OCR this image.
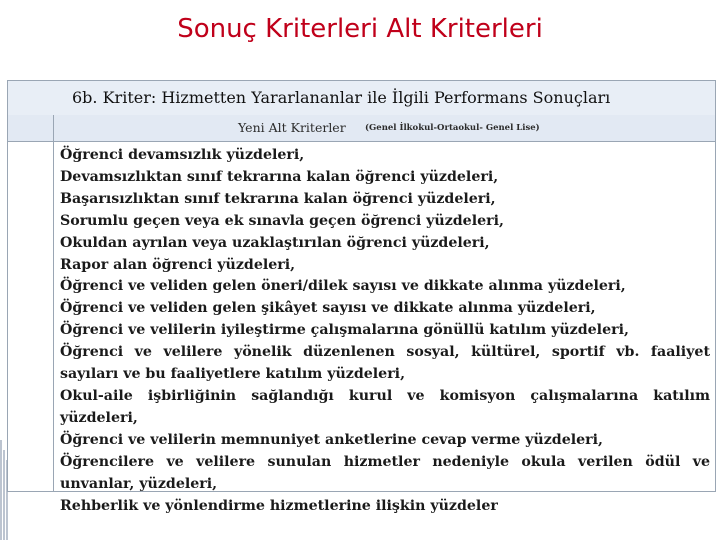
Sonuç Kriterleri Alt Kriterleri
6b. Kriter: Hizmetten Yararlananlar ile İlgili Performans Sonuçları
Yeni Alt Kriterler (Genel İlkokul-Ortaokul- Genel Lise)
Öğrenci devamsızlık yüzdeleri,
Devamsızlıktan sınıf tekrarına kalan öğrenci yüzdeleri,
Başarısızlıktan sınıf tekrarına kalan öğrenci yüzdeleri,
Sorumlu geçen veya ek sınavla geçen öğrenci yüzdeleri,
Okuldan ayrılan veya uzaklaştırılan öğrenci yüzdeleri,
Rapor alan öğrenci yüzdeleri,
Öğrenci ve veliden gelen öneri/dilek sayısı ve dikkate alınma yüzdeleri,
Öğrenci ve veliden gelen şikâyet sayısı ve dikkate alınma yüzdeleri,
Öğrenci ve velilerin iyileştirme çalışmalarına gönüllü katılım yüzdeleri,
Öğrenci ve velilere yönelik düzenlenen sosyal, kültürel, sportif vb. faaliyet sayıları ve bu faaliyetlere katılım yüzdeleri,
Okul-aile işbirliğinin sağlandığı kurul ve komisyon çalışmalarına katılım yüzdeleri,
Öğrenci ve velilerin memnuniyet anketlerine cevap verme yüzdeleri,
Öğrencilere ve velilere sunulan hizmetler nedeniyle okula verilen ödül ve unvanlar, yüzdeleri,
Rehberlik ve yönlendirme hizmetlerine ilişkin yüzdeler
